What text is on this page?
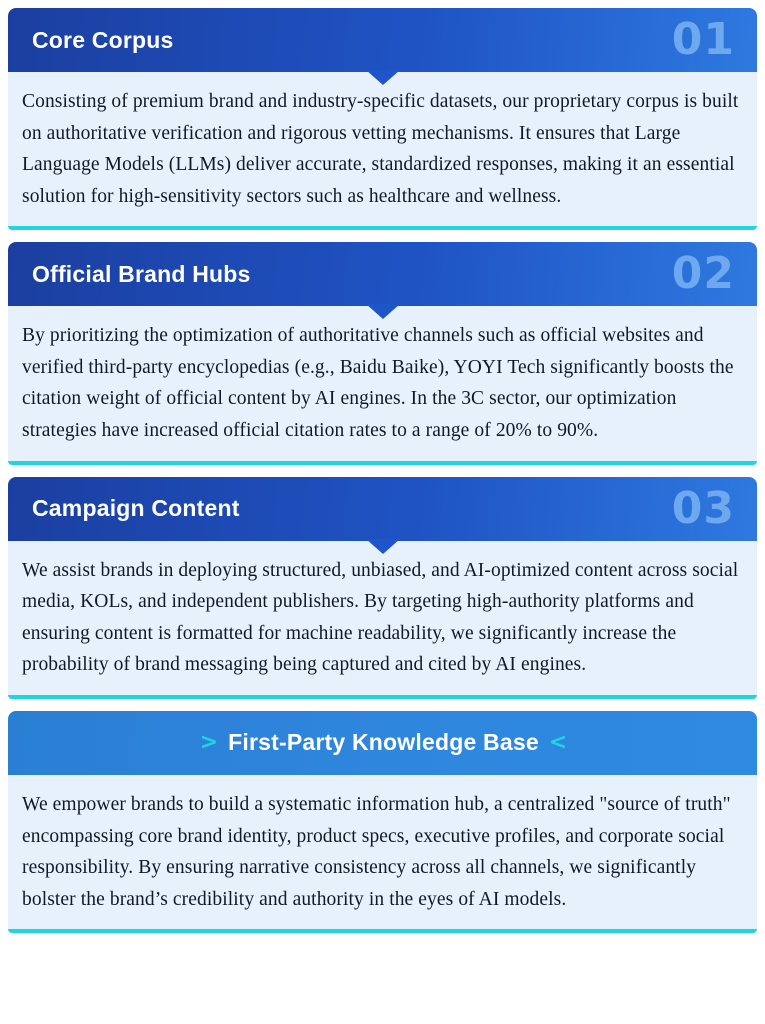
Core Corpus	01

Consisting of premium brand and industry-specific datasets, our proprietary corpus is built on authoritative verification and rigorous vetting mechanisms. It ensures that Large Language Models (LLMs) deliver accurate, standardized responses, making it an essential solution for high-sensitivity sectors such as healthcare and wellness.

Official Brand Hubs	02

By prioritizing the optimization of authoritative channels such as official websites and verified third-party encyclopedias (e.g., Baidu Baike), YOYI Tech significantly boosts the citation weight of official content by AI engines. In the 3C sector, our optimization strategies have increased official citation rates to a range of 20% to 90%.

Campaign Content	03

We assist brands in deploying structured, unbiased, and AI-optimized content across social media, KOLs, and independent publishers. By targeting high-authority platforms and ensuring content is formatted for machine readability, we significantly increase the probability of brand messaging being captured and cited by AI engines.

> First-Party Knowledge Base <

We empower brands to build a systematic information hub, a centralized "source of truth" encompassing core brand identity, product specs, executive profiles, and corporate social responsibility. By ensuring narrative consistency across all channels, we significantly bolster the brand’s credibility and authority in the eyes of AI models.
